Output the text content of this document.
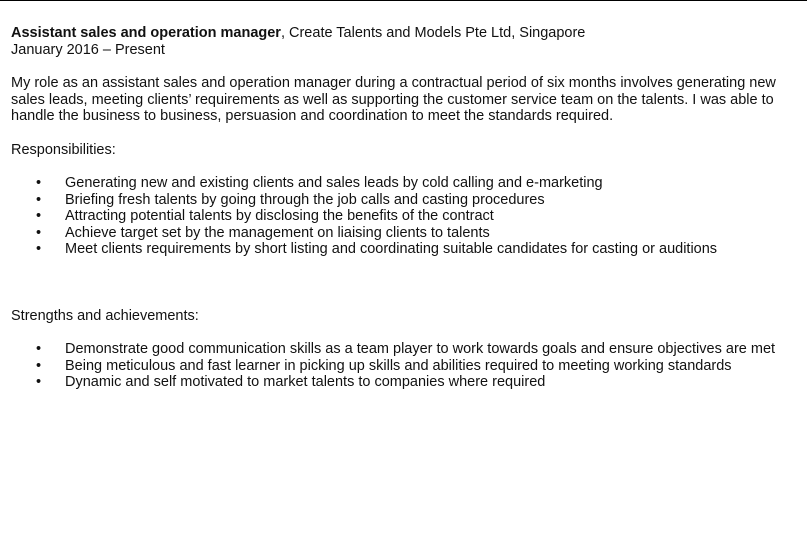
Assistant sales and operation manager, Create Talents and Models Pte Ltd, Singapore

January 2016 – Present

My role as an assistant sales and operation manager during a contractual period of six months involves generating new sales leads, meeting clients’ requirements as well as supporting the customer service team on the talents. I was able to handle the business to business, persuasion and coordination to meet the standards required.

Responsibilities:

• Generating new and existing clients and sales leads by cold calling and e-marketing
• Briefing fresh talents by going through the job calls and casting procedures
• Attracting potential talents by disclosing the benefits of the contract
• Achieve target set by the management on liaising clients to talents
• Meet clients requirements by short listing and coordinating suitable candidates for casting or auditions

Strengths and achievements:

• Demonstrate good communication skills as a team player to work towards goals and ensure objectives are met
• Being meticulous and fast learner in picking up skills and abilities required to meeting working standards
• Dynamic and self motivated to market talents to companies where required
